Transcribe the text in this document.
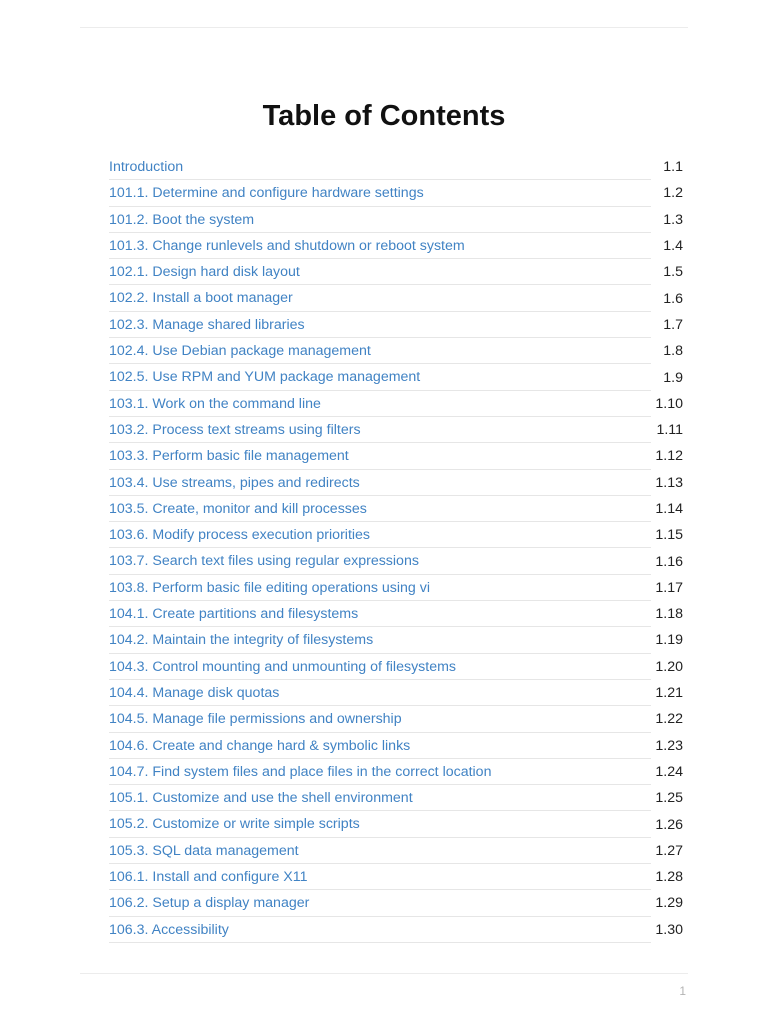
Table of Contents
Introduction	1.1
101.1. Determine and configure hardware settings	1.2
101.2. Boot the system	1.3
101.3. Change runlevels and shutdown or reboot system	1.4
102.1. Design hard disk layout	1.5
102.2. Install a boot manager	1.6
102.3. Manage shared libraries	1.7
102.4. Use Debian package management	1.8
102.5. Use RPM and YUM package management	1.9
103.1. Work on the command line	1.10
103.2. Process text streams using filters	1.11
103.3. Perform basic file management	1.12
103.4. Use streams, pipes and redirects	1.13
103.5. Create, monitor and kill processes	1.14
103.6. Modify process execution priorities	1.15
103.7. Search text files using regular expressions	1.16
103.8. Perform basic file editing operations using vi	1.17
104.1. Create partitions and filesystems	1.18
104.2. Maintain the integrity of filesystems	1.19
104.3. Control mounting and unmounting of filesystems	1.20
104.4. Manage disk quotas	1.21
104.5. Manage file permissions and ownership	1.22
104.6. Create and change hard & symbolic links	1.23
104.7. Find system files and place files in the correct location	1.24
105.1. Customize and use the shell environment	1.25
105.2. Customize or write simple scripts	1.26
105.3. SQL data management	1.27
106.1. Install and configure X11	1.28
106.2. Setup a display manager	1.29
106.3. Accessibility	1.30
1
